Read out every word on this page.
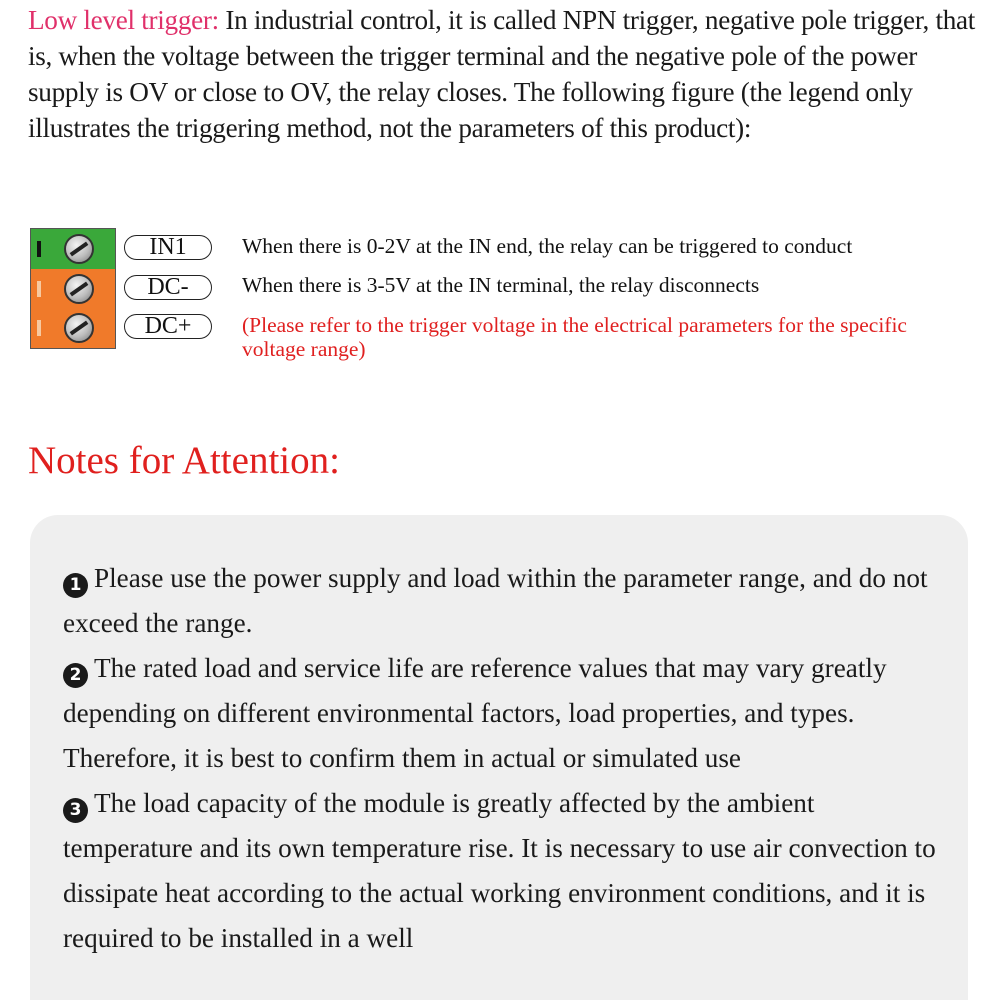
Low level trigger: In industrial control, it is called NPN trigger, negative pole trigger, that is, when the voltage between the trigger terminal and the negative pole of the power supply is OV or close to OV, the relay closes. The following figure (the legend only illustrates the triggering method, not the parameters of this product):
IN1
DC-
DC+
When there is 0-2V at the IN end, the relay can be triggered to conduct
When there is 3-5V at the IN terminal, the relay disconnects
(Please refer to the trigger voltage in the electrical parameters for the specific voltage range)
Notes for Attention:

1 Please use the power supply and load within the parameter range, and do not exceed the range.

2 The rated load and service life are reference values that may vary greatly depending on different environmental factors, load properties, and types. Therefore, it is best to confirm them in actual or simulated use

3 The load capacity of the module is greatly affected by the ambient temperature and its own temperature rise. It is necessary to use air convection to dissipate heat according to the actual working environment conditions, and it is required to be installed in a well
